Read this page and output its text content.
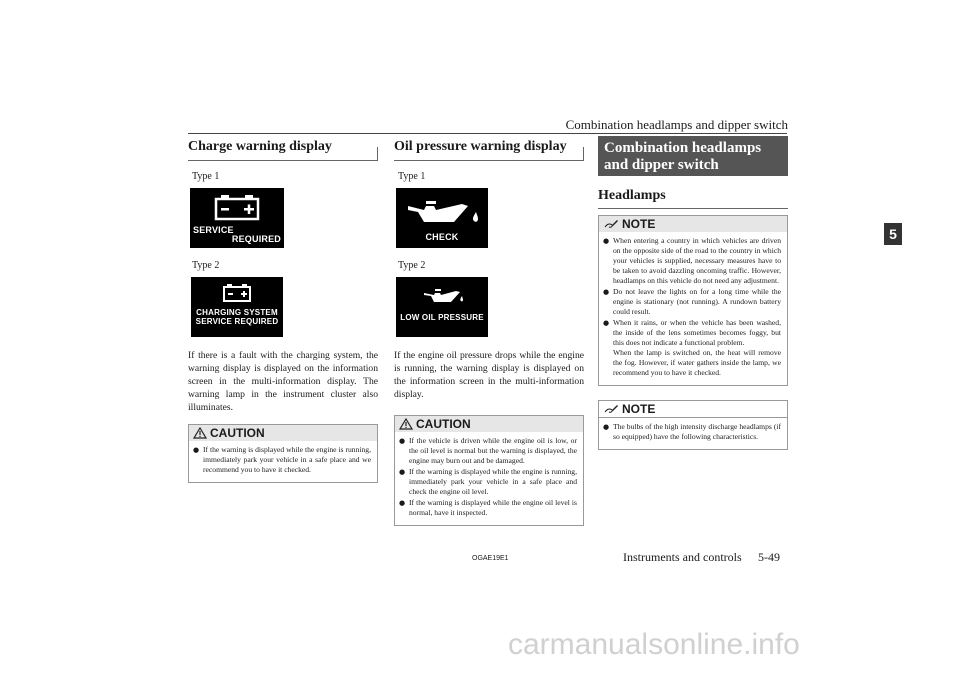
Combination headlamps and dipper switch
5
Charge warning display
Type 1
SERVICE
REQUIRED
Type 2
CHARGING SYSTEM
SERVICE REQUIRED
If there is a fault with the charging system, the warning display is displayed on the information screen in the multi-information display. The warning lamp in the instrument cluster also illuminates.
CAUTION
● If the warning is displayed while the engine is running, immediately park your vehicle in a safe place and we recommend you to have it checked.
Oil pressure warning display
Type 1
CHECK
Type 2
LOW OIL PRESSURE
If the engine oil pressure drops while the engine is running, the warning display is displayed on the information screen in the multi-information display.
CAUTION
● If the vehicle is driven while the engine oil is low, or the oil level is normal but the warning is displayed, the engine may burn out and be damaged.
● If the warning is displayed while the engine is running, immediately park your vehicle in a safe place and check the engine oil level.
● If the warning is displayed while the engine oil level is normal, have it inspected.
Combination headlamps and dipper switch
Headlamps
NOTE
● When entering a country in which vehicles are driven on the opposite side of the road to the country in which your vehicles is supplied, necessary measures have to be taken to avoid dazzling oncoming traffic. However, headlamps on this vehicle do not need any adjustment.

● Do not leave the lights on for a long time while the engine is stationary (not running). A rundown battery could result.

● When it rains, or when the vehicle has been washed, the inside of the lens sometimes becomes foggy, but this does not indicate a functional problem.

When the lamp is switched on, the heat will remove the fog. However, if water gathers inside the lamp, we recommend you to have it checked.

NOTE
● The bulbs of the high intensity discharge headlamps (if so equipped) have the following characteristics.
OGAE19E1	Instruments and controls 5-49
carmanualsonline.info
